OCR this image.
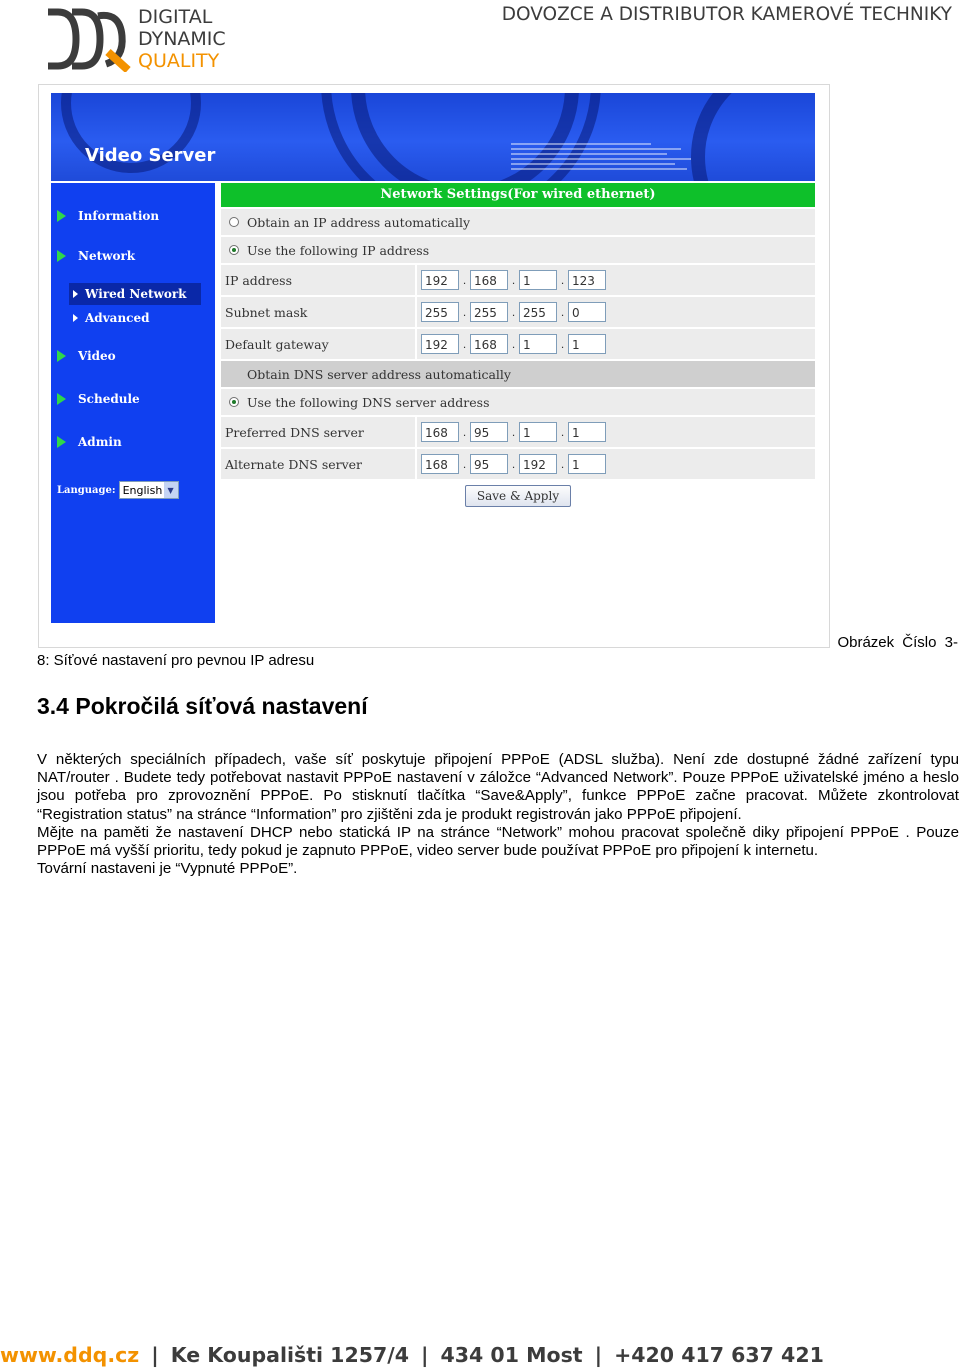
DIGITAL
DYNAMIC
QUALITY
DOVOZCE A DISTRIBUTOR KAMEROVÉ TECHNIKY
Video Server
Information
Network
Wired Network
Advanced
Video
Schedule
Admin
Language: English ▼
Network Settings(For wired ethernet)
Obtain an IP address automatically
Use the following IP address
IP address	192	. 168	. 1	. 123
Subnet mask	255	. 255	. 255	. 0
Default gateway	192	. 168	. 1	. 1
Obtain DNS server address automatically
Use the following DNS server address
Preferred DNS server	168	. 95	. 1	. 1
Alternate DNS server	168	. 95	. 192	. 1
Save & Apply
Obrázek Číslo 3-
8: Síťové nastavení pro pevnou IP adresu
3.4 Pokročilá síťová nastavení

V některých speciálních případech, vaše síť poskytuje připojení PPPoE (ADSL služba). Není zde dostupné žádné zařízení typu NAT/router . Budete tedy potřebovat nastavit PPPoE nastavení v záložce “Advanced Network”. Pouze PPPoE uživatelské jméno a heslo jsou potřeba pro zprovoznění PPPoE. Po stisknutí tlačítka “Save&Apply”, funkce PPPoE začne pracovat. Můžete zkontrolovat “Registration status” na stránce “Information” pro zjištěni zda je produkt registrován jako PPPoE připojení.

Mějte na paměti že nastavení DHCP nebo statická IP na stránce “Network” mohou pracovat společně diky připojení PPPoE . Pouze PPPoE má vyšší prioritu, tedy pokud je zapnuto PPPoE, video server bude používat PPPoE pro připojení k internetu.

Tovární nastaveni je “Vypnuté PPPoE”.

www.ddq.cz | Ke Koupališti 1257/4 | 434 01 Most | +420 417 637 421
